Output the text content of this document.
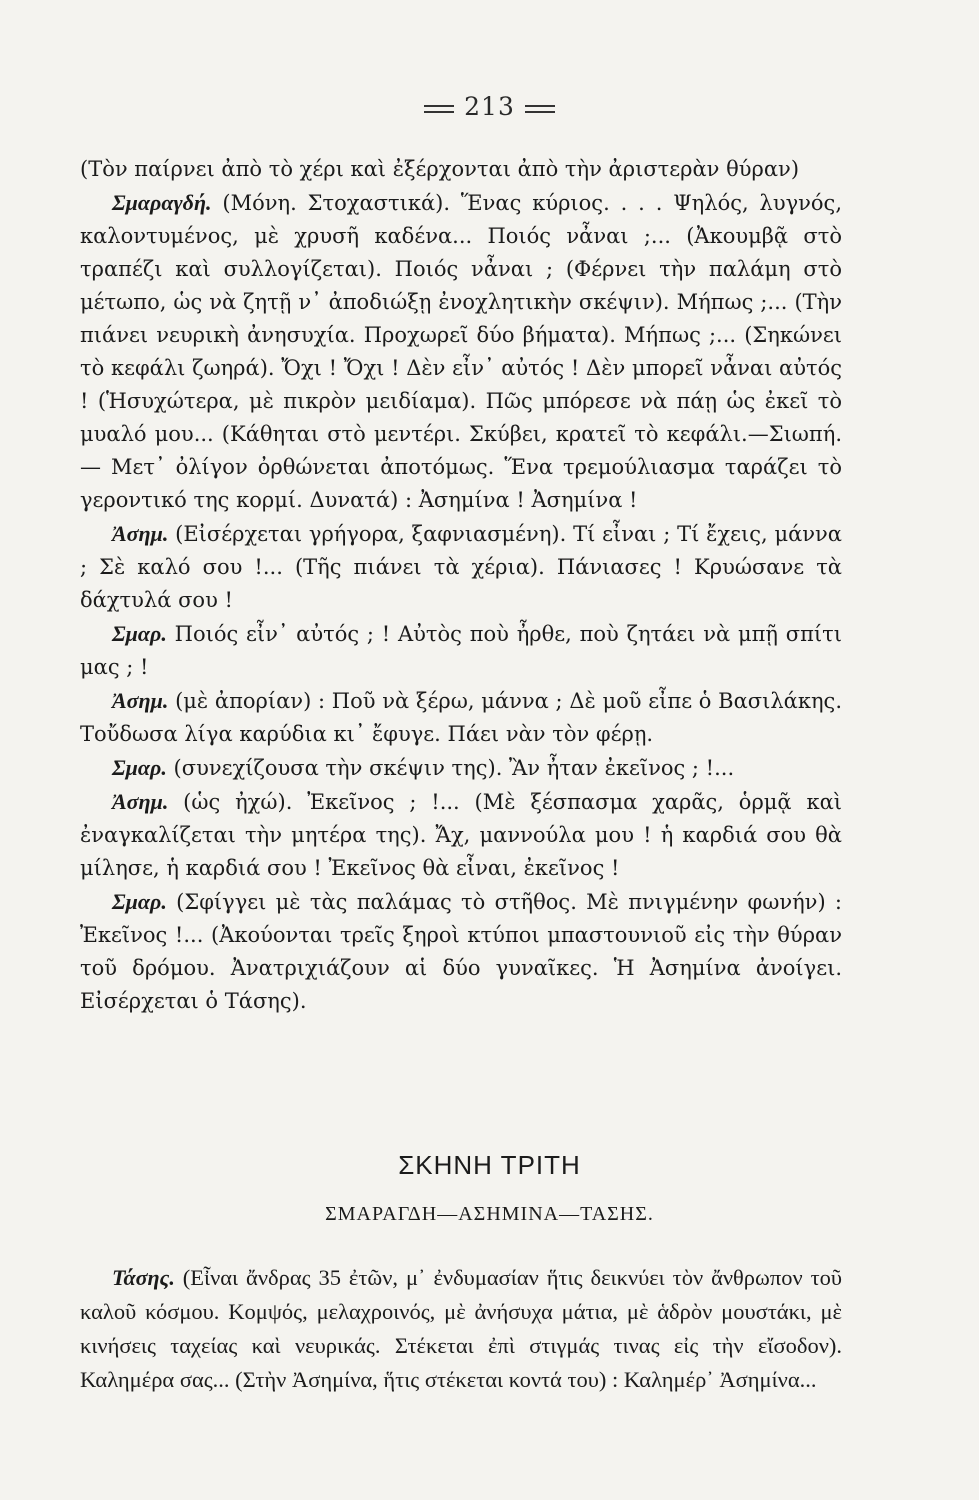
213

(Τὸν παίρνει ἀπὸ τὸ χέρι καὶ ἐξέρχονται ἀπὸ τὴν ἀριστερὰν θύραν)

Σμαραγδή. (Μόνη. Στοχαστικά). Ἕνας κύριος. . . . Ψηλός, λυγνός, καλοντυμένος, μὲ χρυσῆ καδένα... Ποιός νἆναι ;... (Ἀκουμβᾷ στὸ τραπέζι καὶ συλλογίζεται). Ποιός νἆναι ; (Φέρνει τὴν παλάμη στὸ μέτωπο, ὡς νὰ ζητῇ ν᾽ ἀποδιώξῃ ἐνοχλητικὴν σκέψιν). Μήπως ;... (Τὴν πιάνει νευρικὴ ἀνησυχία. Προχωρεῖ δύο βήματα). Μήπως ;... (Σηκώνει τὸ κεφάλι ζωηρά). Ὄχι ! Ὄχι ! Δὲν εἶν᾽ αὐτός ! Δὲν μπορεῖ νἆναι αὐτός ! (Ἡσυχώτερα, μὲ πικρὸν μειδίαμα). Πῶς μπόρεσε νὰ πάῃ ὡς ἐκεῖ τὸ μυαλό μου... (Κάθηται στὸ μεντέρι. Σκύβει, κρατεῖ τὸ κεφάλι.—Σιωπή.— Μετ᾽ ὀλίγον ὀρθώνεται ἀποτόμως. Ἕνα τρεμούλιασμα ταράζει τὸ γεροντικό της κορμί. Δυνατά) : Ἀσημίνα ! Ἀσημίνα !

Ἀσημ. (Εἰσέρχεται γρήγορα, ξαφνιασμένη). Τί εἶναι ; Τί ἔχεις, μάννα ; Σὲ καλό σου !... (Τῆς πιάνει τὰ χέρια). Πάνιασες ! Κρυώσανε τὰ δάχτυλά σου !

Σμαρ. Ποιός εἶν᾽ αὐτός ; ! Αὐτὸς ποὺ ἦρθε, ποὺ ζητάει νὰ μπῇ σπίτι μας ; !

Ἀσημ. (μὲ ἀπορίαν) : Ποῦ νὰ ξέρω, μάννα ; Δὲ μοῦ εἶπε ὁ Βασιλάκης. Τοὔδωσα λίγα καρύδια κι᾽ ἔφυγε. Πάει νὰν τὸν φέρῃ.

Σμαρ. (συνεχίζουσα τὴν σκέψιν της). Ἂν ἦταν ἐκεῖνος ; !...

Ἀσημ. (ὡς ἠχώ). Ἐκεῖνος ; !... (Μὲ ξέσπασμα χαρᾶς, ὁρμᾷ καὶ ἐναγκαλίζεται τὴν μητέρα της). Ἄχ, μαννούλα μου ! ἡ καρδιά σου θὰ μίλησε, ἡ καρδιά σου ! Ἐκεῖνος θὰ εἶναι, ἐκεῖνος !

Σμαρ. (Σφίγγει μὲ τὰς παλάμας τὸ στῆθος. Μὲ πνιγμένην φωνήν) : Ἐκεῖνος !... (Ἀκούονται τρεῖς ξηροὶ κτύποι μπαστουνιοῦ εἰς τὴν θύραν τοῦ δρόμου. Ἀνατριχιάζουν αἱ δύο γυναῖκες. Ἡ Ἀσημίνα ἀνοίγει. Εἰσέρχεται ὁ Τάσης).

ΣΚΗΝΗ ΤΡΙΤΗ
ΣΜΑΡΑΓΔΗ—ΑΣΗΜΙΝΑ—ΤΑΣΗΣ.

Τάσης. (Εἶναι ἄνδρας 35 ἐτῶν, μ᾽ ἐνδυμασίαν ἥτις δεικνύει τὸν ἄνθρωπον τοῦ καλοῦ κόσμου. Κομψός, μελαχροινός, μὲ ἀνήσυχα μάτια, μὲ ἁδρὸν μουστάκι, μὲ κινήσεις ταχείας καὶ νευρικάς. Στέκεται ἐπὶ στιγμάς τινας εἰς τὴν εἴσοδον). Καλημέρα σας... (Στὴν Ἀσημίνα, ἥτις στέκεται κοντά του) : Καλημέρ᾽ Ἀσημίνα...
